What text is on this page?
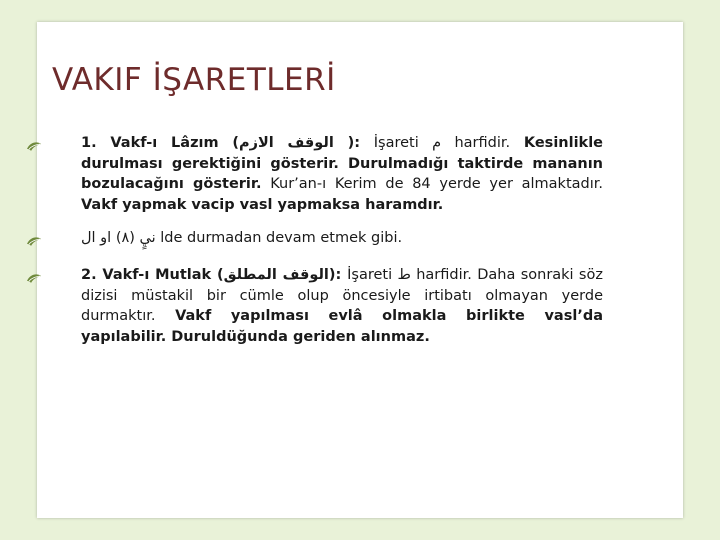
VAKIF İŞARETLERİ
1. Vakf-ı Lâzım (الوقف الازم ): İşareti م harfidir. Kesinlikle durulması gerektiğini gösterir. Durulmadığı taktirde mananın bozulacağını gösterir. Kur’an-ı Kerim de 84 yerde yer almaktadır. Vakf yapmak vacip vasl yapmaksa haramdır.
نيٍ (٨) او ال lde durmadan devam etmek gibi.
2. Vakf-ı Mutlak (الوقف المطلق): İşareti ط harfidir. Daha sonraki söz dizisi müstakil bir cümle olup öncesiyle irtibatı olmayan yerde durmaktır. Vakf yapılması evlâ olmakla birlikte vasl’da yapılabilir. Duruldüğunda geriden alınmaz.
